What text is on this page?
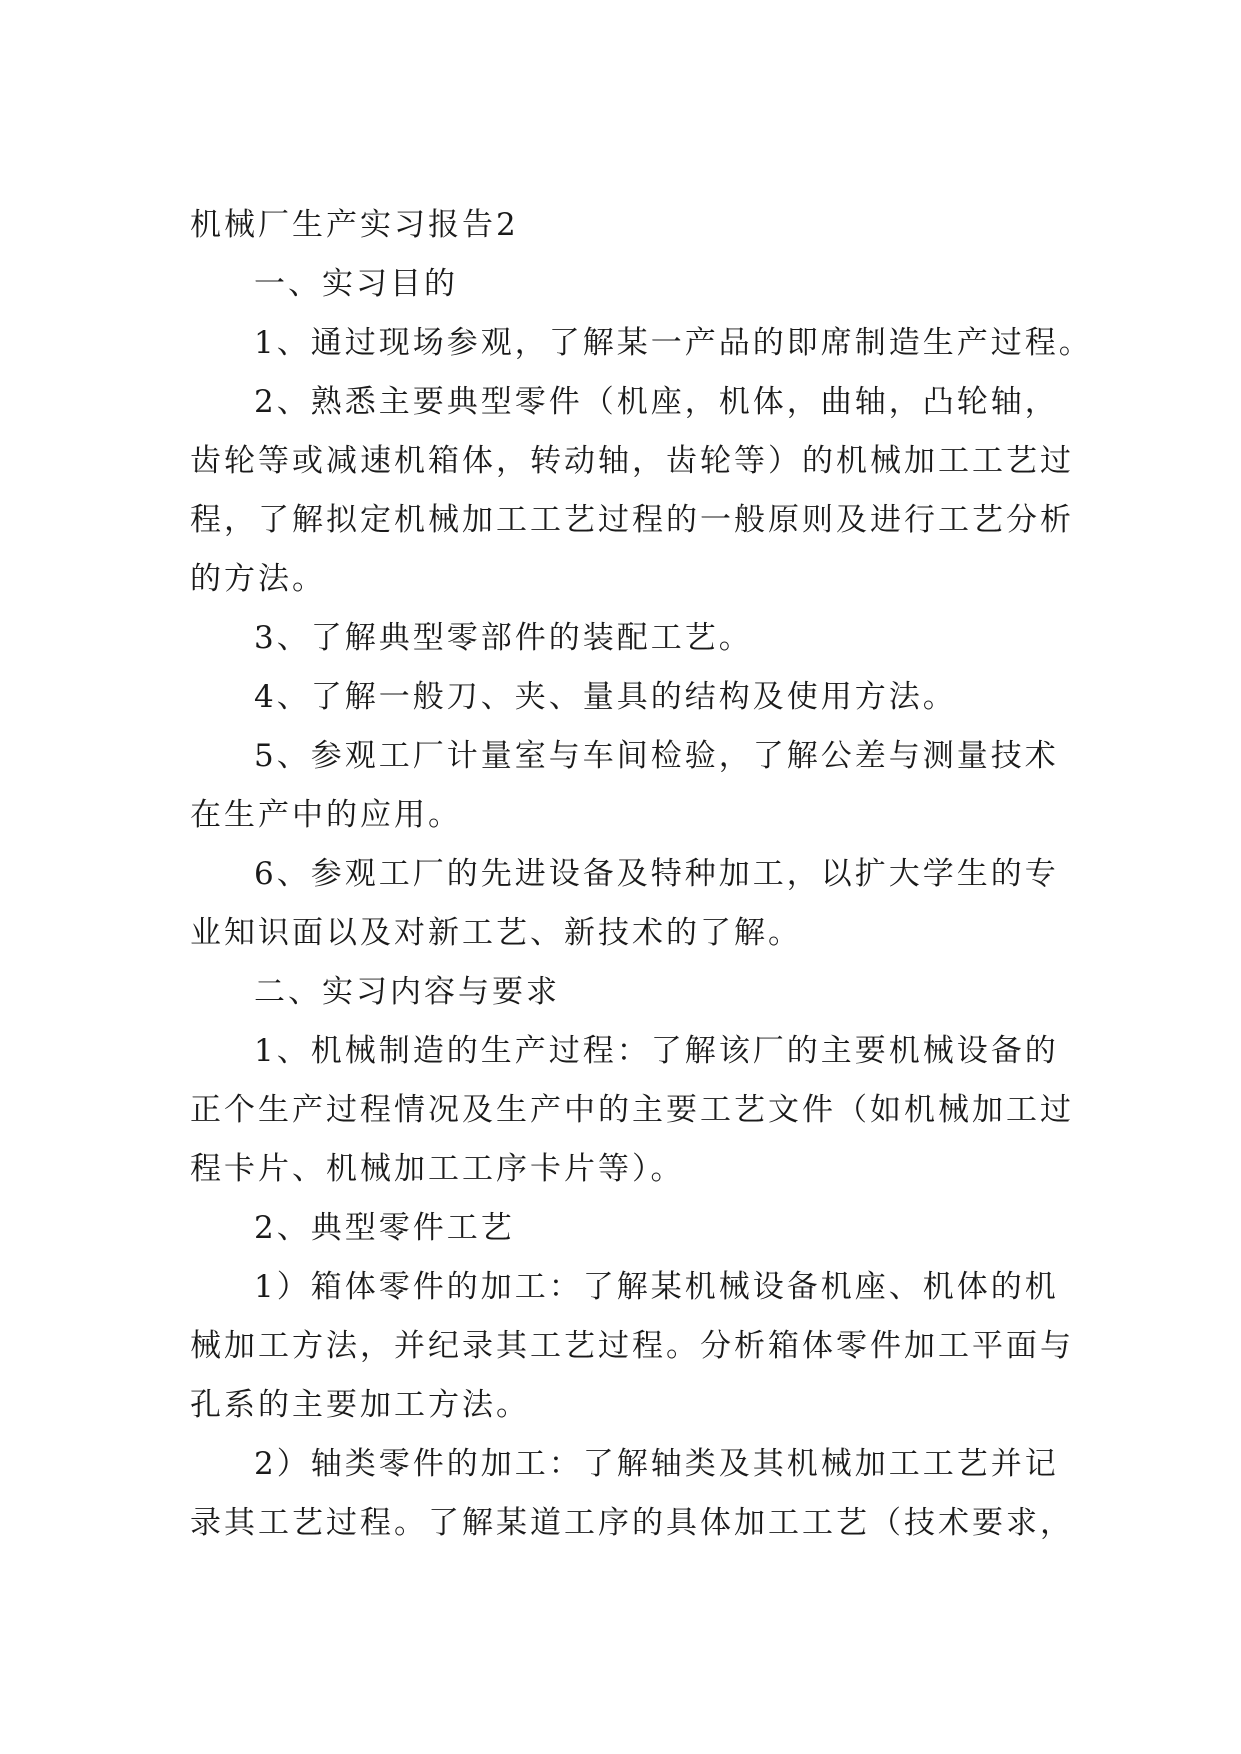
机械厂生产实习报告2
一、实习目的
1、通过现场参观，了解某一产品的即席制造生产过程。
2、熟悉主要典型零件（机座，机体，曲轴，凸轮轴，
齿轮等或减速机箱体，转动轴，齿轮等）的机械加工工艺过
程，了解拟定机械加工工艺过程的一般原则及进行工艺分析
的方法。
3、了解典型零部件的装配工艺。
4、了解一般刀、夹、量具的结构及使用方法。
5、参观工厂计量室与车间检验，了解公差与测量技术
在生产中的应用。
6、参观工厂的先进设备及特种加工，以扩大学生的专
业知识面以及对新工艺、新技术的了解。
二、实习内容与要求
1、机械制造的生产过程：了解该厂的主要机械设备的
正个生产过程情况及生产中的主要工艺文件（如机械加工过
程卡片、机械加工工序卡片等）。
2、典型零件工艺
1）箱体零件的加工：了解某机械设备机座、机体的机
械加工方法，并纪录其工艺过程。分析箱体零件加工平面与
孔系的主要加工方法。
2）轴类零件的加工：了解轴类及其机械加工工艺并记
录其工艺过程。了解某道工序的具体加工工艺（技术要求，
